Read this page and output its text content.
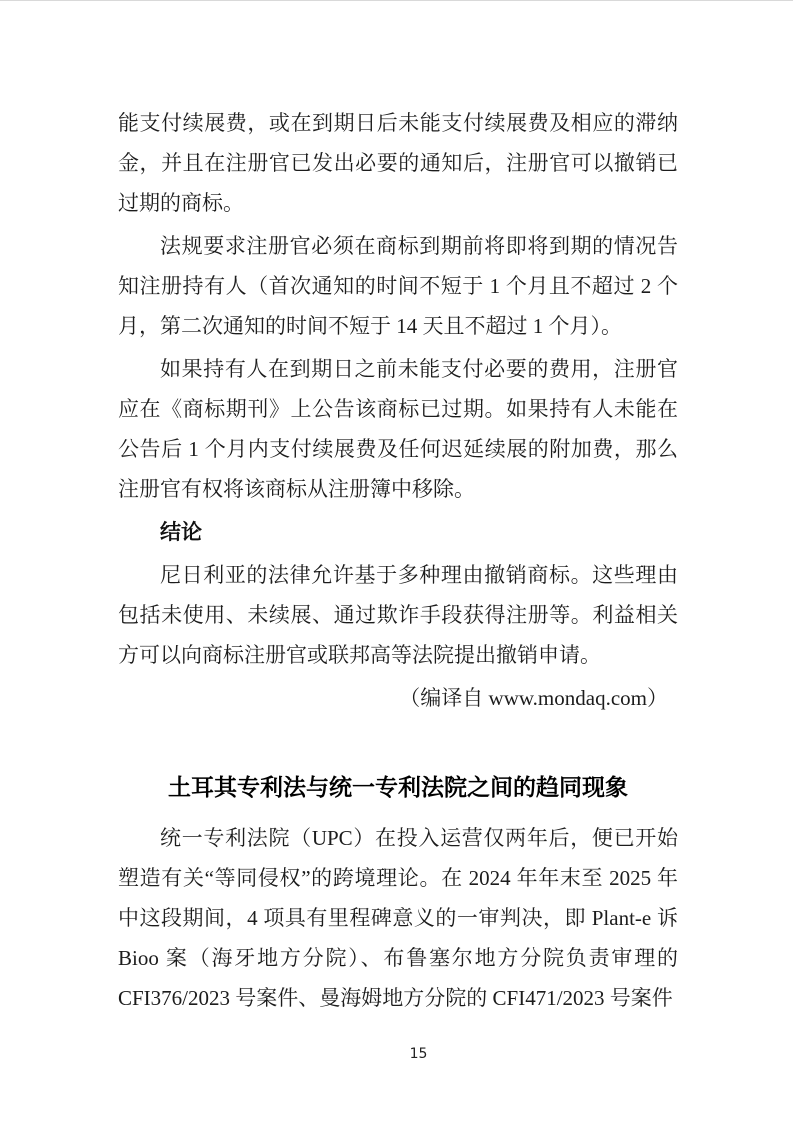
能支付续展费，或在到期日后未能支付续展费及相应的滞纳金，并且在注册官已发出必要的通知后，注册官可以撤销已过期的商标。

法规要求注册官必须在商标到期前将即将到期的情况告知注册持有人（首次通知的时间不短于 1 个月且不超过 2 个月，第二次通知的时间不短于 14 天且不超过 1 个月）。

如果持有人在到期日之前未能支付必要的费用，注册官应在《商标期刊》上公告该商标已过期。如果持有人未能在公告后 1 个月内支付续展费及任何迟延续展的附加费，那么注册官有权将该商标从注册簿中移除。

结论

尼日利亚的法律允许基于多种理由撤销商标。这些理由包括未使用、未续展、通过欺诈手段获得注册等。利益相关方可以向商标注册官或联邦高等法院提出撤销申请。

（编译自 www.mondaq.com）

土耳其专利法与统一专利法院之间的趋同现象

统一专利法院（UPC）在投入运营仅两年后，便已开始塑造有关“等同侵权”的跨境理论。在 2024 年年末至 2025 年中这段期间，4 项具有里程碑意义的一审判决，即 Plant-e 诉 Bioo 案（海牙地方分院）、布鲁塞尔地方分院负责审理的 CFI376/2023 号案件、曼海姆地方分院的 CFI471/2023 号案件

15
